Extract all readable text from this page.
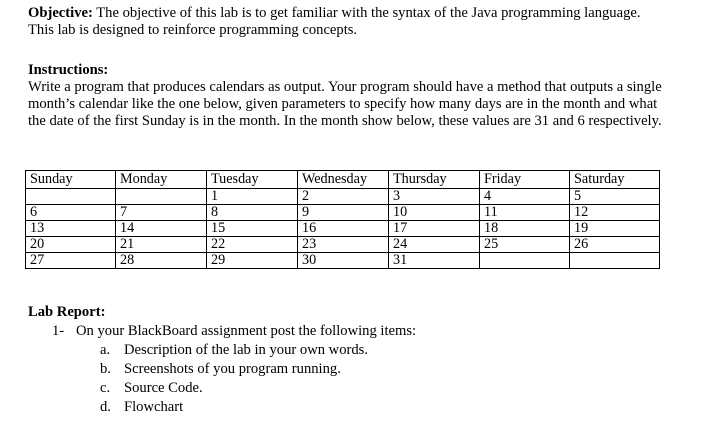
Objective: The objective of this lab is to get familiar with the syntax of the Java programming language. This lab is designed to reinforce programming concepts.
Instructions:
Write a program that produces calendars as output. Your program should have a method that outputs a single month’s calendar like the one below, given parameters to specify how many days are in the month and what the date of the first Sunday is in the month. In the month show below, these values are 31 and 6 respectively.
Sunday	Monday	Tuesday	Wednesday	Thursday	Friday	Saturday
		1	2	3	4	5
6	7	8	9	10	11	12
13	14	15	16	17	18	19
20	21	22	23	24	25	26
27	28	29	30	31		
Lab Report:
1- On your BlackBoard assignment post the following items:
a. Description of the lab in your own words.
b. Screenshots of you program running.
c. Source Code.
d. Flowchart
